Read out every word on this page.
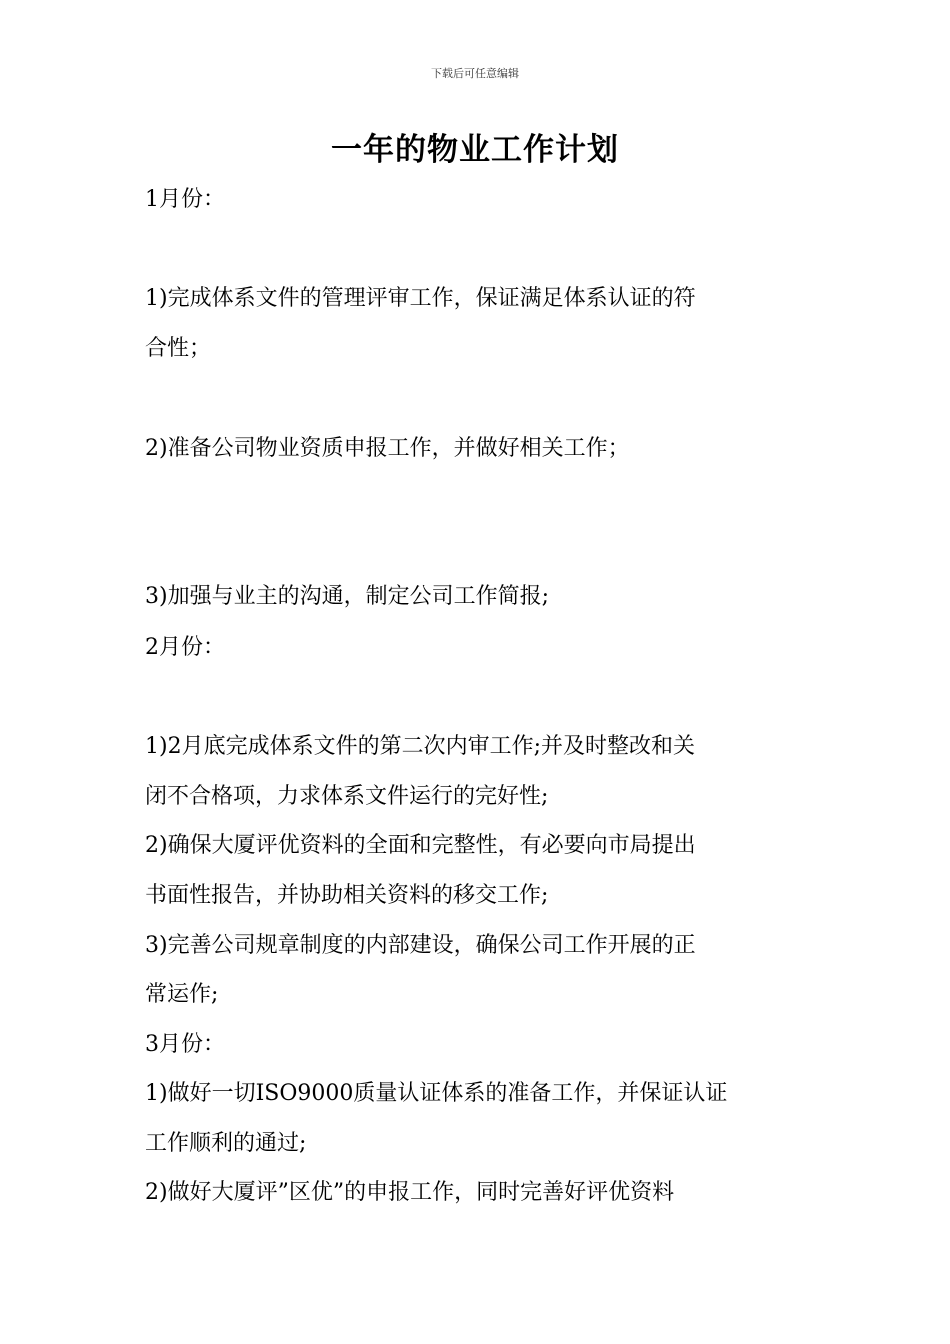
下载后可任意编辑
一年的物业工作计划
1月份：
1)完成体系文件的管理评审工作，保证满足体系认证的符
合性；
2)准备公司物业资质申报工作，并做好相关工作；
3)加强与业主的沟通，制定公司工作简报;
2月份：
1)2月底完成体系文件的第二次内审工作;并及时整改和关
闭不合格项，力求体系文件运行的完好性;
2)确保大厦评优资料的全面和完整性，有必要向市局提出
书面性报告，并协助相关资料的移交工作;
3)完善公司规章制度的内部建设，确保公司工作开展的正
常运作;
3月份：
1)做好一切ISO9000质量认证体系的准备工作，并保证认证
工作顺利的通过;
2)做好大厦评”区优”的申报工作，同时完善好评优资料
